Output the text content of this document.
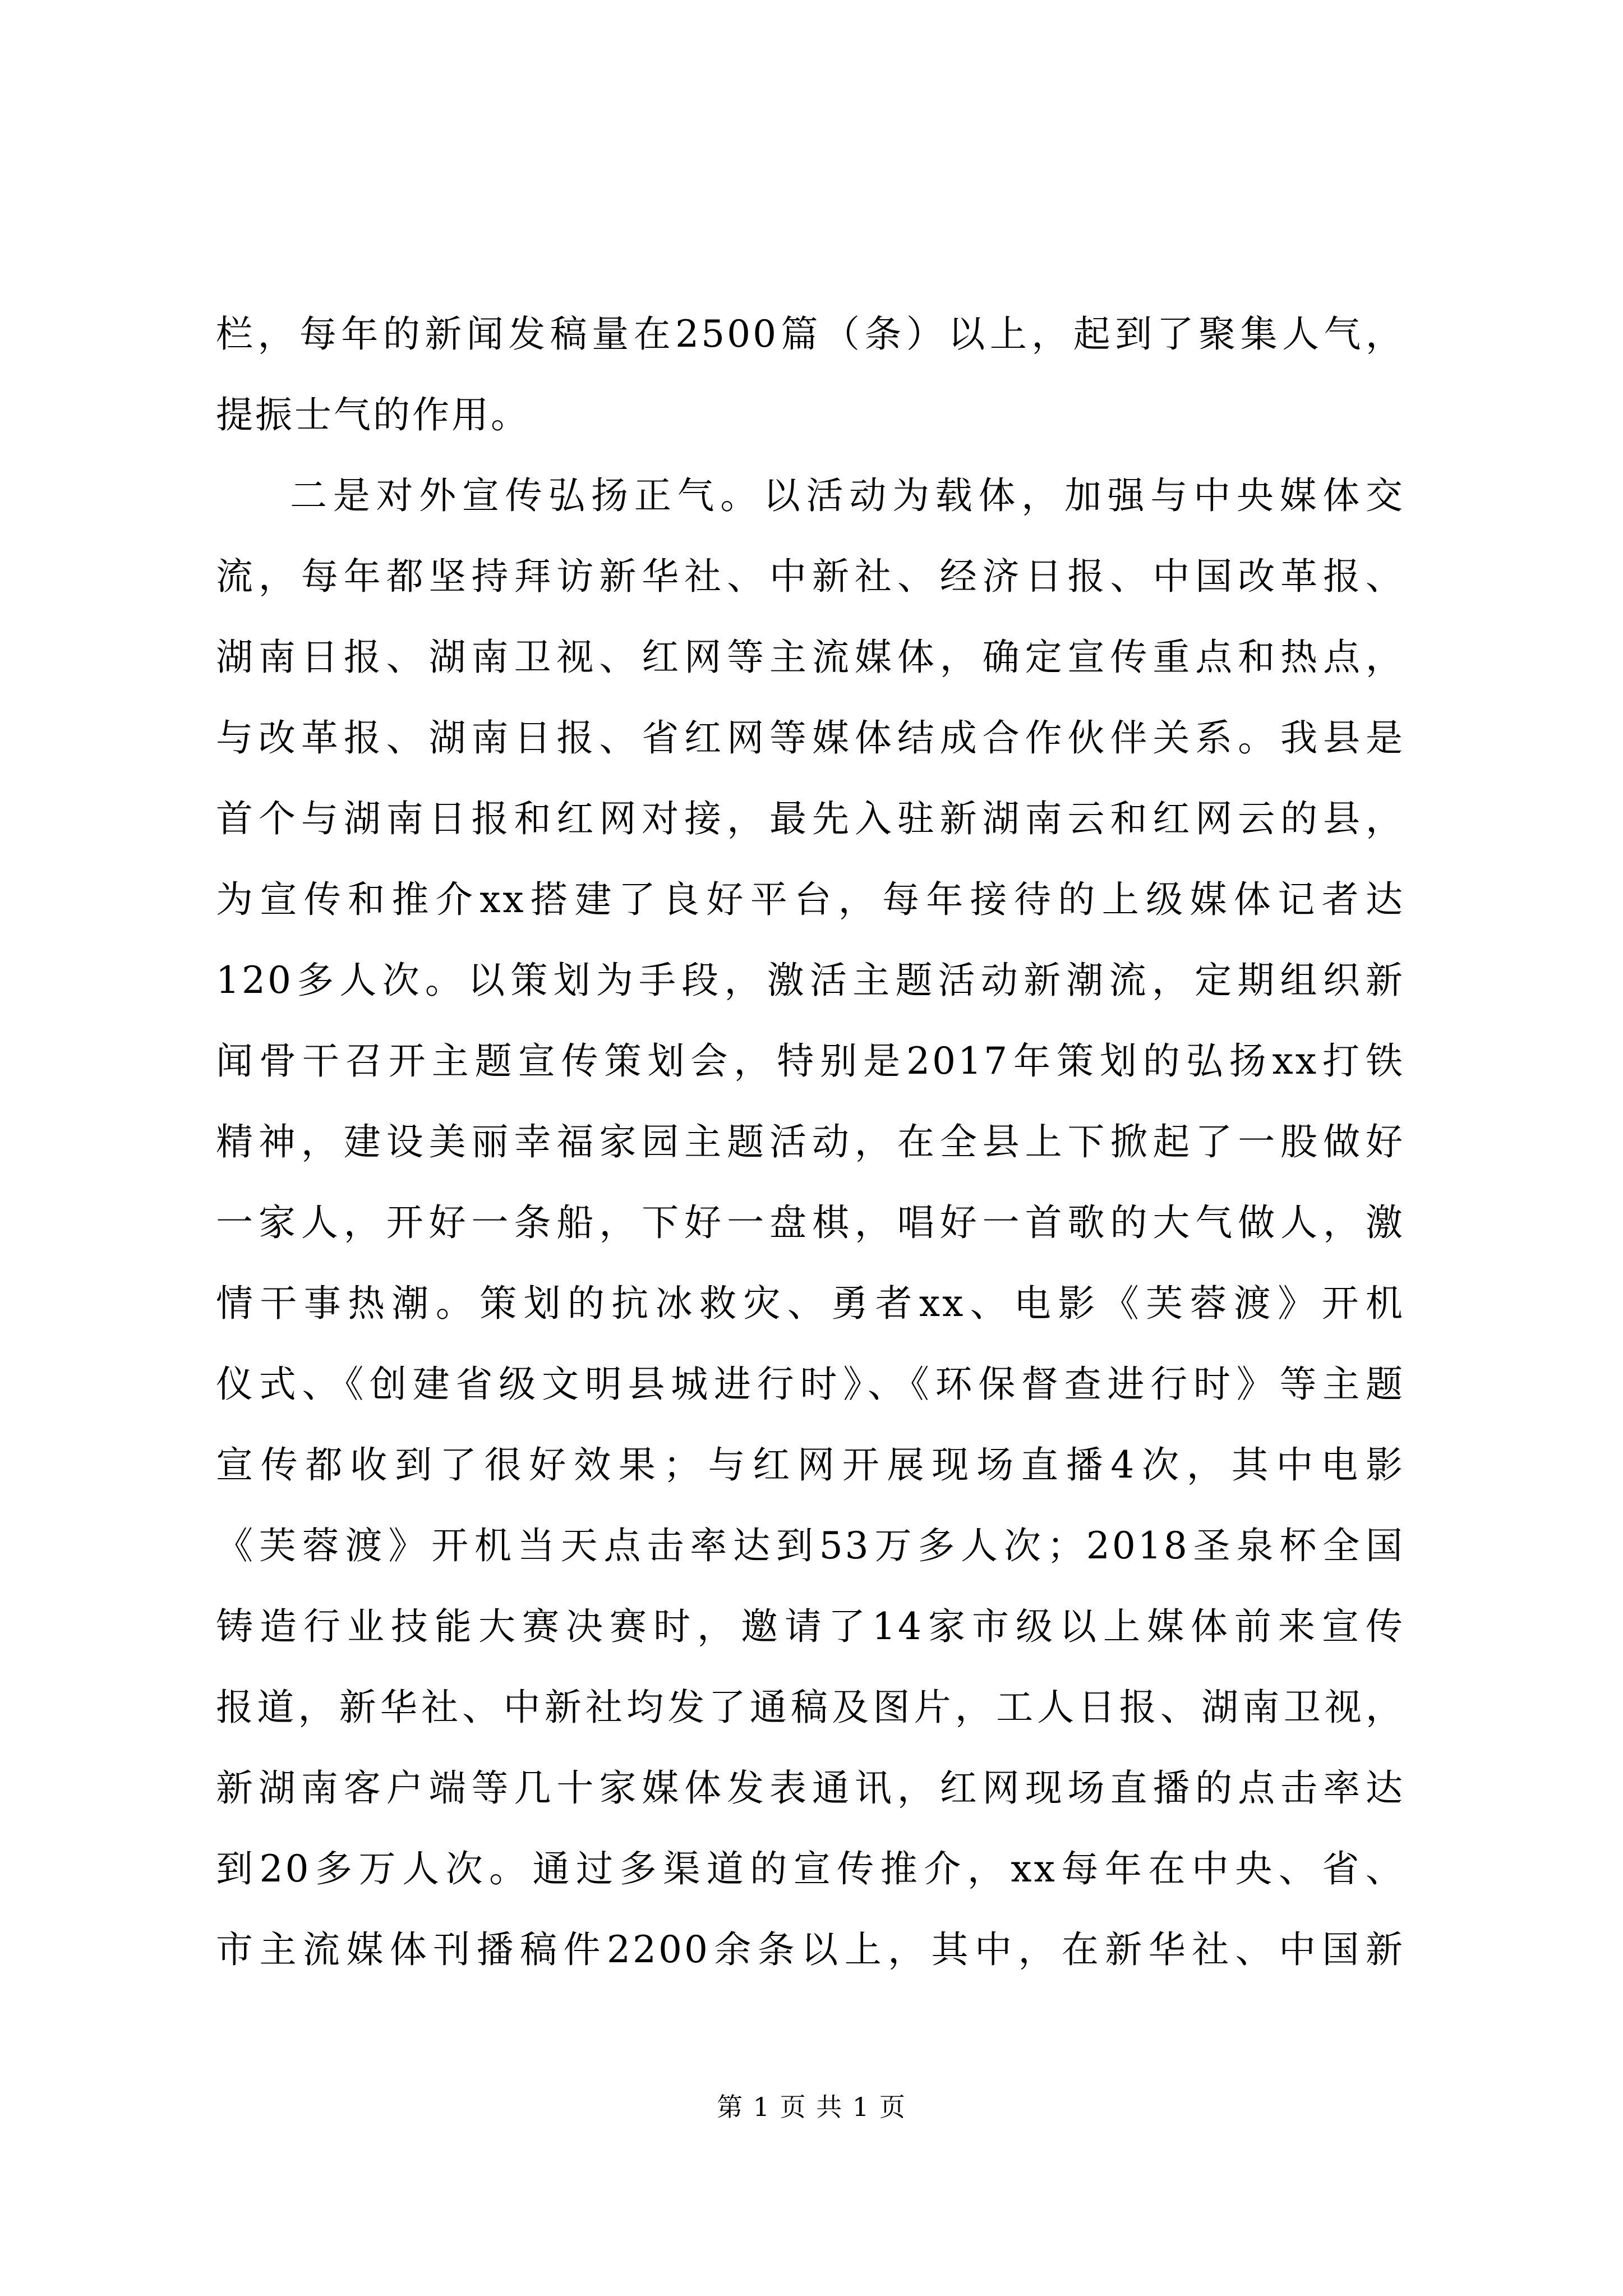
栏，每年的新闻发稿量在2500篇（条）以上，起到了聚集人气，
提振士气的作用。
二是对外宣传弘扬正气。以活动为载体，加强与中央媒体交
流，每年都坚持拜访新华社、中新社、经济日报、中国改革报、
湖南日报、湖南卫视、红网等主流媒体，确定宣传重点和热点，
与改革报、湖南日报、省红网等媒体结成合作伙伴关系。我县是
首个与湖南日报和红网对接，最先入驻新湖南云和红网云的县，
为宣传和推介xx搭建了良好平台，每年接待的上级媒体记者达
120多人次。以策划为手段，激活主题活动新潮流，定期组织新
闻骨干召开主题宣传策划会，特别是2017年策划的弘扬xx打铁
精神，建设美丽幸福家园主题活动，在全县上下掀起了一股做好
一家人，开好一条船，下好一盘棋，唱好一首歌的大气做人，激
情干事热潮。策划的抗冰救灾、勇者xx、电影《芙蓉渡》开机
仪式、《创建省级文明县城进行时》、《环保督查进行时》等主题
宣传都收到了很好效果；与红网开展现场直播4次，其中电影
《芙蓉渡》开机当天点击率达到53万多人次；2018圣泉杯全国
铸造行业技能大赛决赛时，邀请了14家市级以上媒体前来宣传
报道，新华社、中新社均发了通稿及图片，工人日报、湖南卫视，
新湖南客户端等几十家媒体发表通讯，红网现场直播的点击率达
到20多万人次。通过多渠道的宣传推介，xx每年在中央、省、
市主流媒体刊播稿件2200余条以上，其中，在新华社、中国新
第 1 页 共 1 页
